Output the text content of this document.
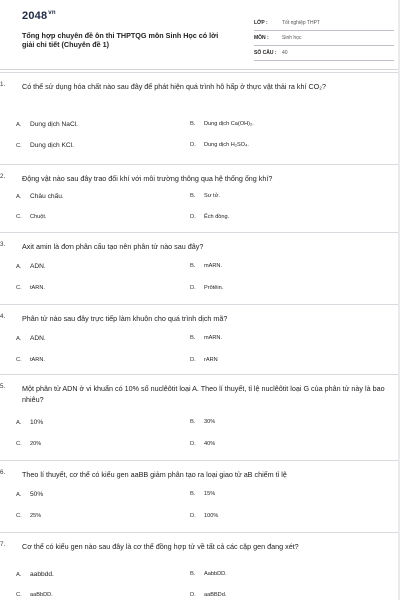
$2048^{vn}$
Tổng hợp chuyên đề ôn thi THPTQG môn Sinh Học có lời giải chi tiết (Chuyên đề 1)
LỚP :	Tốt nghiệp THPT
MÔN :	Sinh học
SỐ CÂU :	40
1. Có thể sử dụng hóa chất nào sau đây để phát hiện quá trình hô hấp ở thực vật thải ra khí CO₂?
A. Dung dịch NaCl.	B. Dung dịch Ca(OH)₂.
C. Dung dịch KCl.	D. Dung dịch H₂SO₄.
2. Động vật nào sau đây trao đổi khí với môi trường thông qua hệ thống ống khí?
A. Châu chấu.	B. Sư tử.
C. Chuột.	D. Ếch đồng.
3. Axit amin là đơn phân cấu tạo nên phân tử nào sau đây?
A. ADN.	B. mARN.
C. tARN.	D. Prôtêin.
4. Phân tử nào sau đây trực tiếp làm khuôn cho quá trình dịch mã?
A. ADN.	B. mARN.
C. tARN.	D. rARN
5. Một phân tử ADN ở vi khuẩn có 10% số nuclêôtit loại A. Theo lí thuyết, tỉ lệ nuclêôtit loại G của phân tử này là bao nhiêu?
A. 10%	B. 30%
C. 20%	D. 40%
6. Theo lí thuyết, cơ thể có kiểu gen aaBB giảm phân tạo ra loại giao tử aB chiếm tỉ lệ
A. 50%	B. 15%
C. 25%	D. 100%
7. Cơ thể có kiểu gen nào sau đây là cơ thể đồng hợp tử về tất cả các cặp gen đang xét?
A. aabbdd.	B. AabbDD.
C. aaBbDD.	D. aaBBDd.
